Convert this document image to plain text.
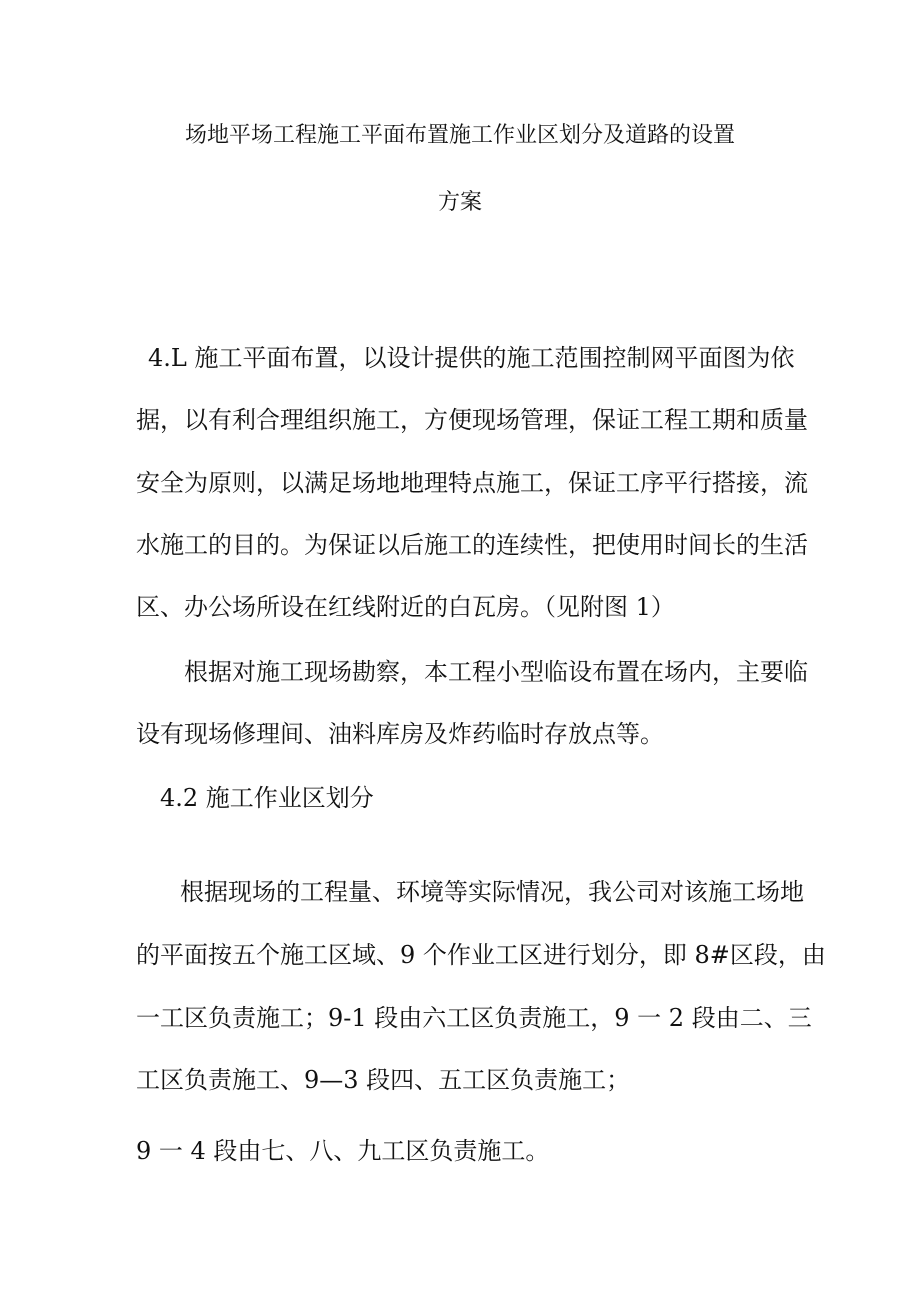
场地平场工程施工平面布置施工作业区划分及道路的设置
方案
4.L 施工平面布置，以设计提供的施工范围控制网平面图为依
据，以有利合理组织施工，方便现场管理，保证工程工期和质量
安全为原则，以满足场地地理特点施工，保证工序平行搭接，流
水施工的目的。为保证以后施工的连续性，把使用时间长的生活
区、办公场所设在红线附近的白瓦房。（见附图 1）
根据对施工现场勘察，本工程小型临设布置在场内，主要临
设有现场修理间、油料库房及炸药临时存放点等。
4.2 施工作业区划分
根据现场的工程量、环境等实际情况，我公司对该施工场地
的平面按五个施工区域、9 个作业工区进行划分，即 8#区段，由
一工区负责施工；9-1 段由六工区负责施工，9 一 2 段由二、三
工区负责施工、9—3 段四、五工区负责施工；
9 一 4 段由七、八、九工区负责施工。
